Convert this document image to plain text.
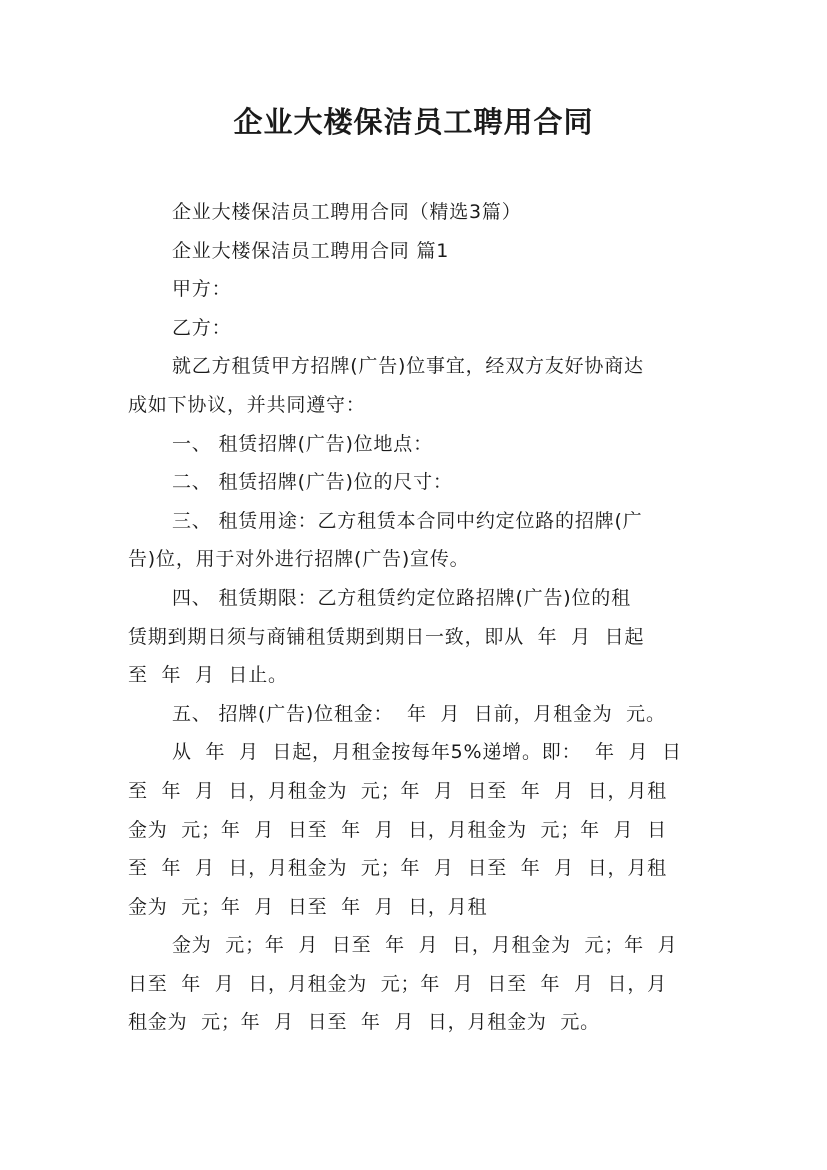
企业大楼保洁员工聘用合同
企业大楼保洁员工聘用合同（精选3篇）
企业大楼保洁员工聘用合同 篇1
甲方：
乙方：
就乙方租赁甲方招牌(广告)位事宜，经双方友好协商达
成如下协议，并共同遵守：
一、 租赁招牌(广告)位地点：
二、 租赁招牌(广告)位的尺寸：
三、 租赁用途：乙方租赁本合同中约定位路的招牌(广
告)位，用于对外进行招牌(广告)宣传。
四、 租赁期限：乙方租赁约定位路招牌(广告)位的租
赁期到期日须与商铺租赁期到期日一致，即从  年  月  日起
至  年  月  日止。
五、 招牌(广告)位租金：  年  月  日前，月租金为  元。
从  年  月  日起，月租金按每年5%递增。即：  年  月  日
至  年  月  日，月租金为  元；年  月  日至  年  月  日，月租
金为  元；年  月  日至  年  月  日，月租金为  元；年  月  日
至  年  月  日，月租金为  元；年  月  日至  年  月  日，月租
金为  元；年  月  日至  年  月  日，月租
金为  元；年  月  日至  年  月  日，月租金为  元；年  月
日至  年  月  日，月租金为  元；年  月  日至  年  月  日，月
租金为  元；年  月  日至  年  月  日，月租金为  元。
